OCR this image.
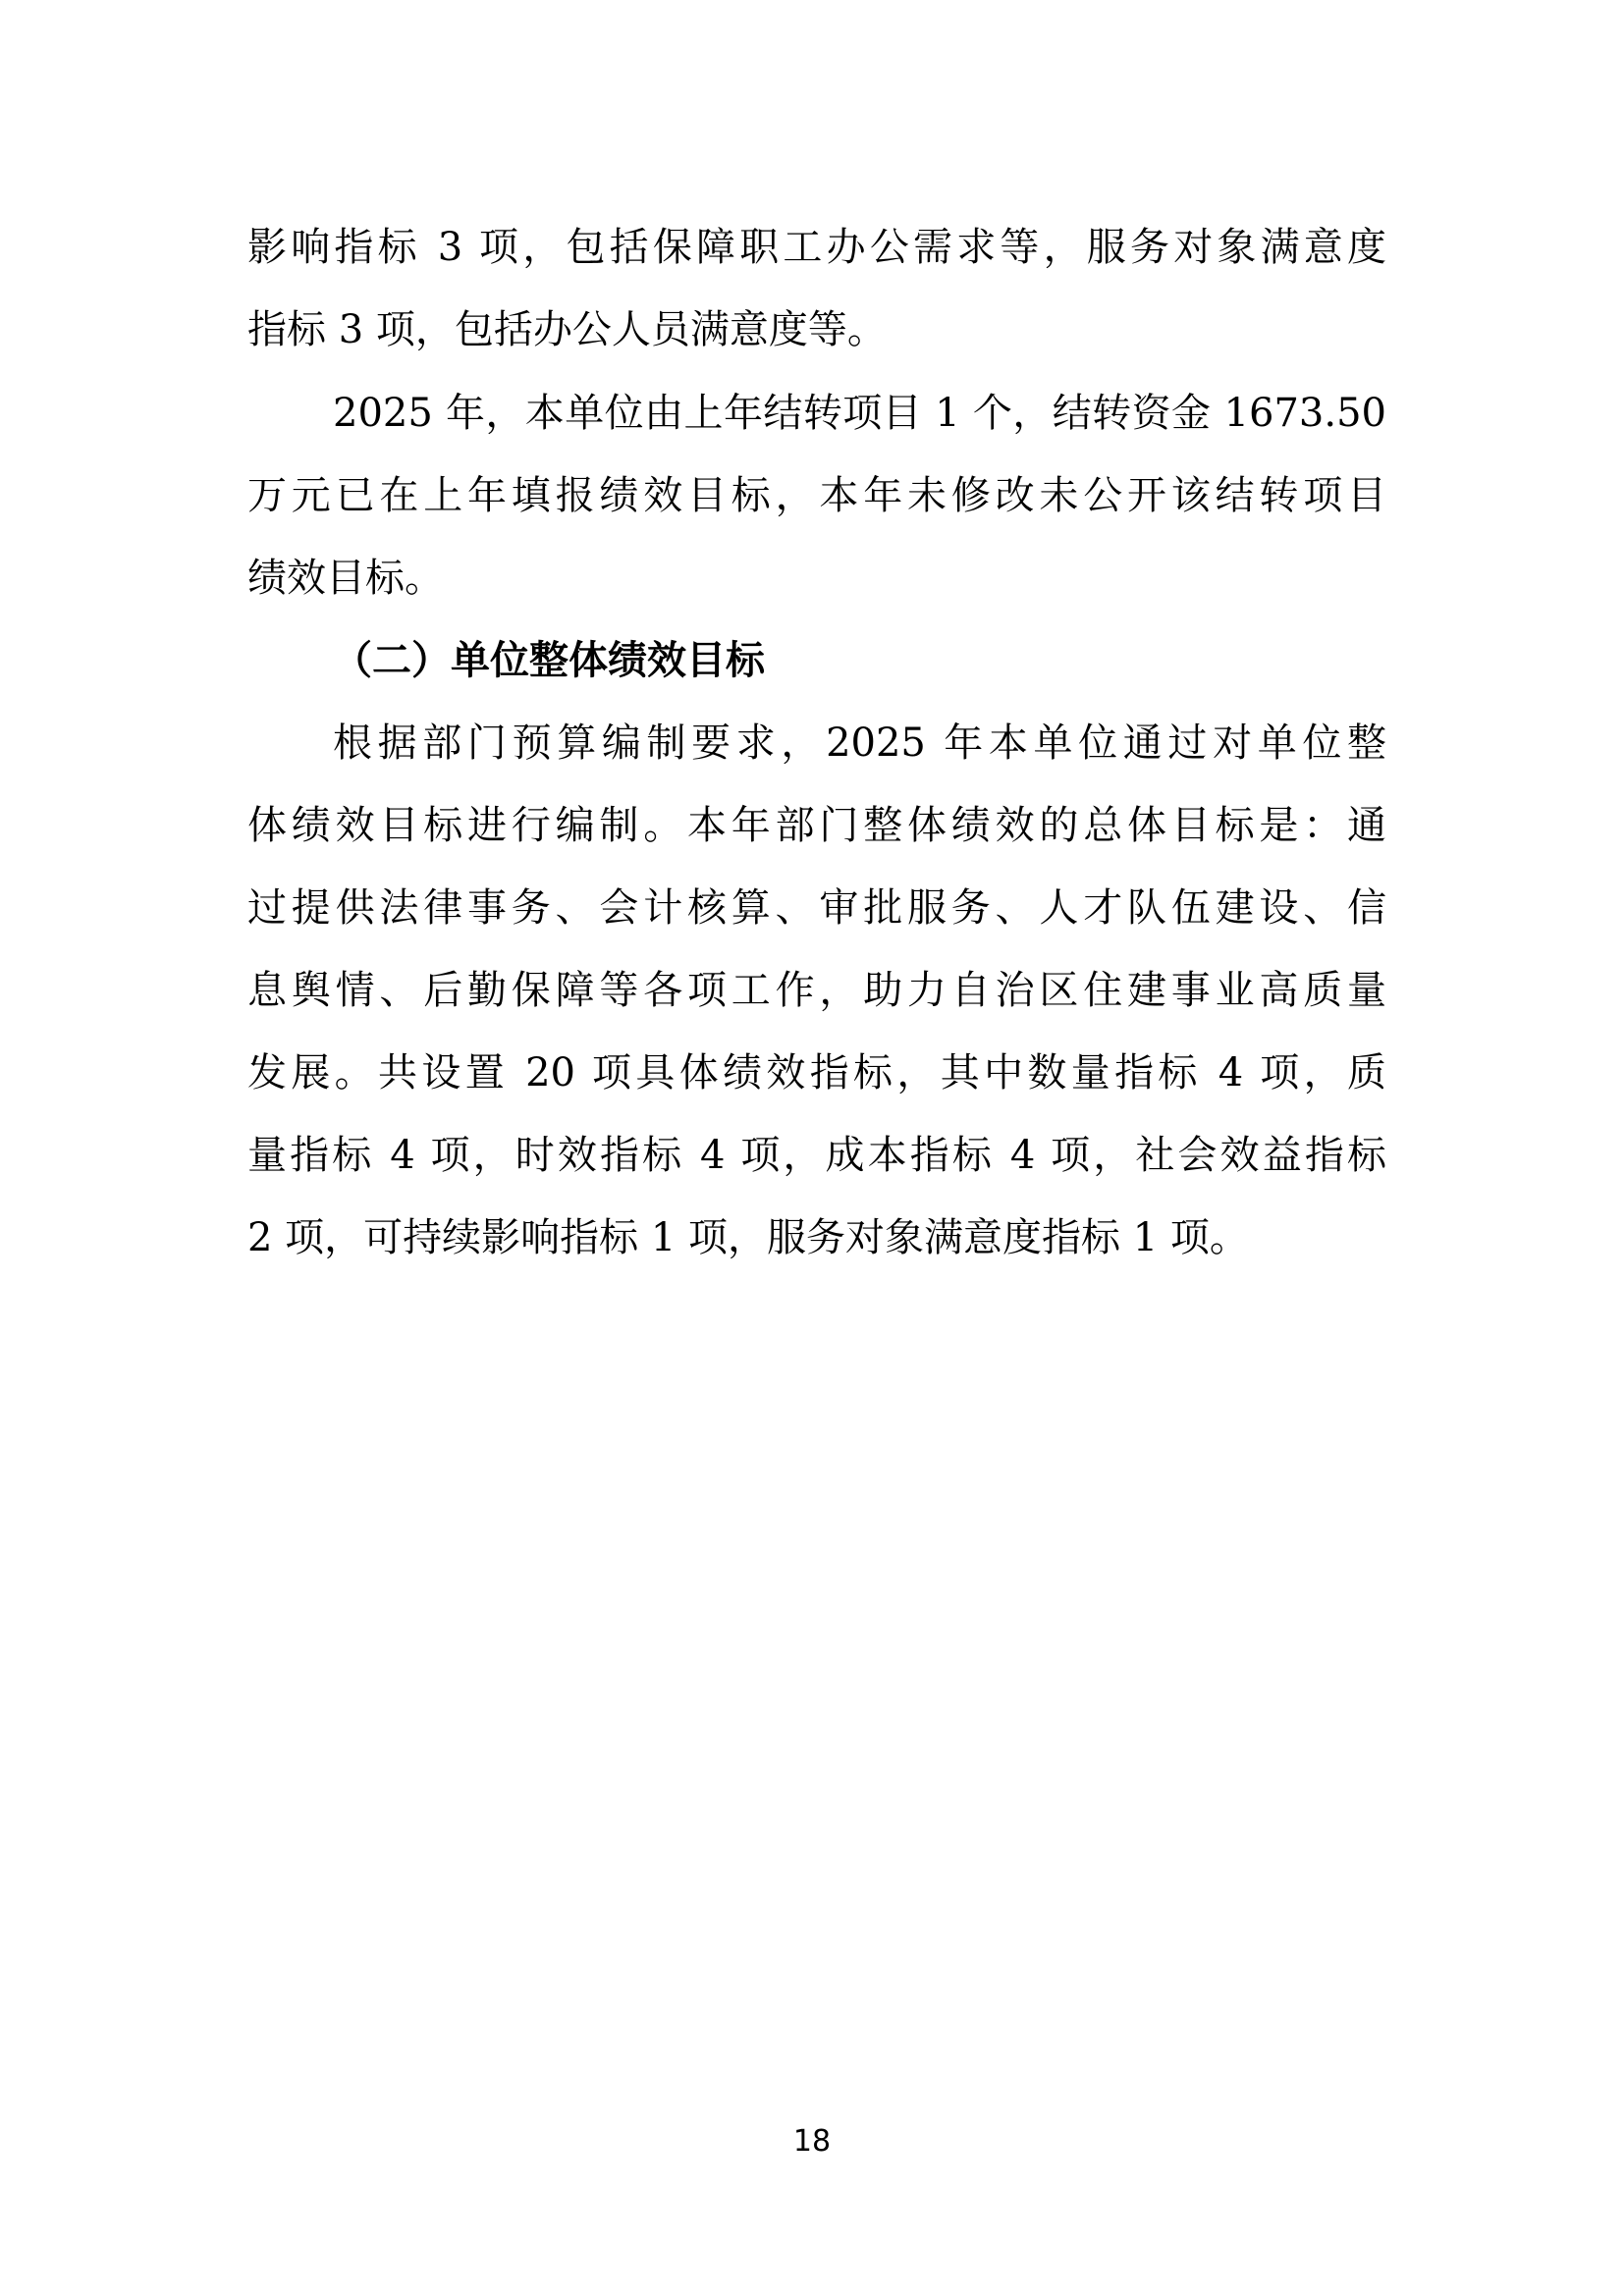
影响指标 3 项，包括保障职工办公需求等，服务对象满意度
指标 3 项，包括办公人员满意度等。
2025 年，本单位由上年结转项目 1 个，结转资金 1673.50
万元已在上年填报绩效目标，本年未修改未公开该结转项目
绩效目标。
（二）单位整体绩效目标
根据部门预算编制要求，2025 年本单位通过对单位整
体绩效目标进行编制。本年部门整体绩效的总体目标是：通
过提供法律事务、会计核算、审批服务、人才队伍建设、信
息舆情、后勤保障等各项工作，助力自治区住建事业高质量
发展。共设置 20 项具体绩效指标，其中数量指标 4 项，质
量指标 4 项，时效指标 4 项，成本指标 4 项，社会效益指标
2 项，可持续影响指标 1 项，服务对象满意度指标 1 项。
18
